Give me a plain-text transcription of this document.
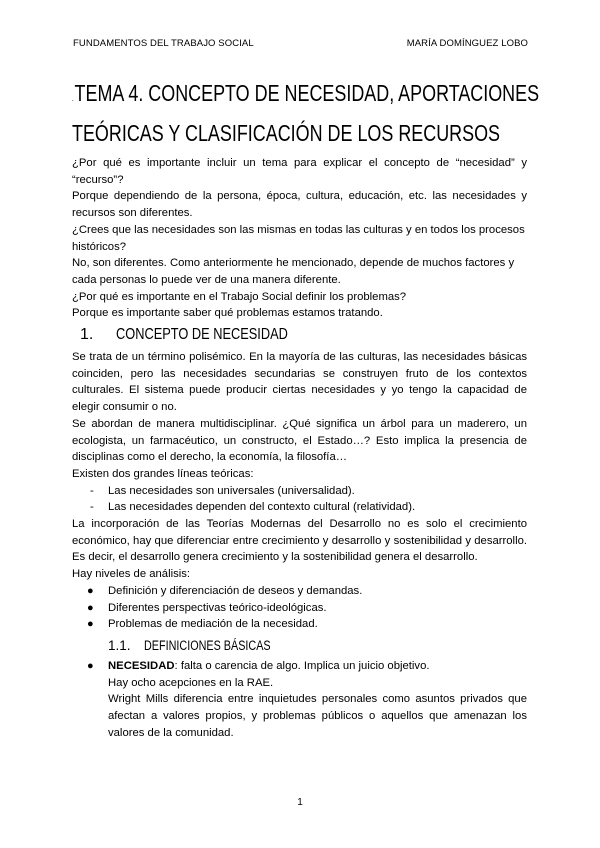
FUNDAMENTOS DEL TRABAJO SOCIAL	MARÍA DOMÍNGUEZ LOBO
.TEMA 4. CONCEPTO DE NECESIDAD, APORTACIONES
TEÓRICAS Y CLASIFICACIÓN DE LOS RECURSOS

¿Por qué es importante incluir un tema para explicar el concepto de “necesidad” y “recurso”?

Porque dependiendo de la persona, época, cultura, educación, etc. las necesidades y recursos son diferentes.

¿Crees que las necesidades son las mismas en todas las culturas y en todos los procesos históricos?

No, son diferentes. Como anteriormente he mencionado, depende de muchos factores y cada personas lo puede ver de una manera diferente.

¿Por qué es importante en el Trabajo Social definir los problemas?

Porque es importante saber qué problemas estamos tratando.

1. CONCEPTO DE NECESIDAD

Se trata de un término polisémico. En la mayoría de las culturas, las necesidades básicas coinciden, pero las necesidades secundarias se construyen fruto de los contextos culturales. El sistema puede producir ciertas necesidades y yo tengo la capacidad de elegir consumir o no.

Se abordan de manera multidisciplinar. ¿Qué significa un árbol para un maderero, un ecologista, un farmacéutico, un constructo, el Estado…? Esto implica la presencia de disciplinas como el derecho, la economía, la filosofía…

Existen dos grandes líneas teóricas:

- Las necesidades son universales (universalidad).
- Las necesidades dependen del contexto cultural (relatividad).

La incorporación de las Teorías Modernas del Desarrollo no es solo el crecimiento económico, hay que diferenciar entre crecimiento y desarrollo y sostenibilidad y desarrollo. Es decir, el desarrollo genera crecimiento y la sostenibilidad genera el desarrollo.

Hay niveles de análisis:

● Definición y diferenciación de deseos y demandas.
● Diferentes perspectivas teórico-ideológicas.
● Problemas de mediación de la necesidad.
1.1. DEFINICIONES BÁSICAS
● NECESIDAD: falta o carencia de algo. Implica un juicio objetivo.

Hay ocho acepciones en la RAE.

Wright Mills diferencia entre inquietudes personales como asuntos privados que afectan a valores propios, y problemas públicos o aquellos que amenazan los valores de la comunidad.

1
